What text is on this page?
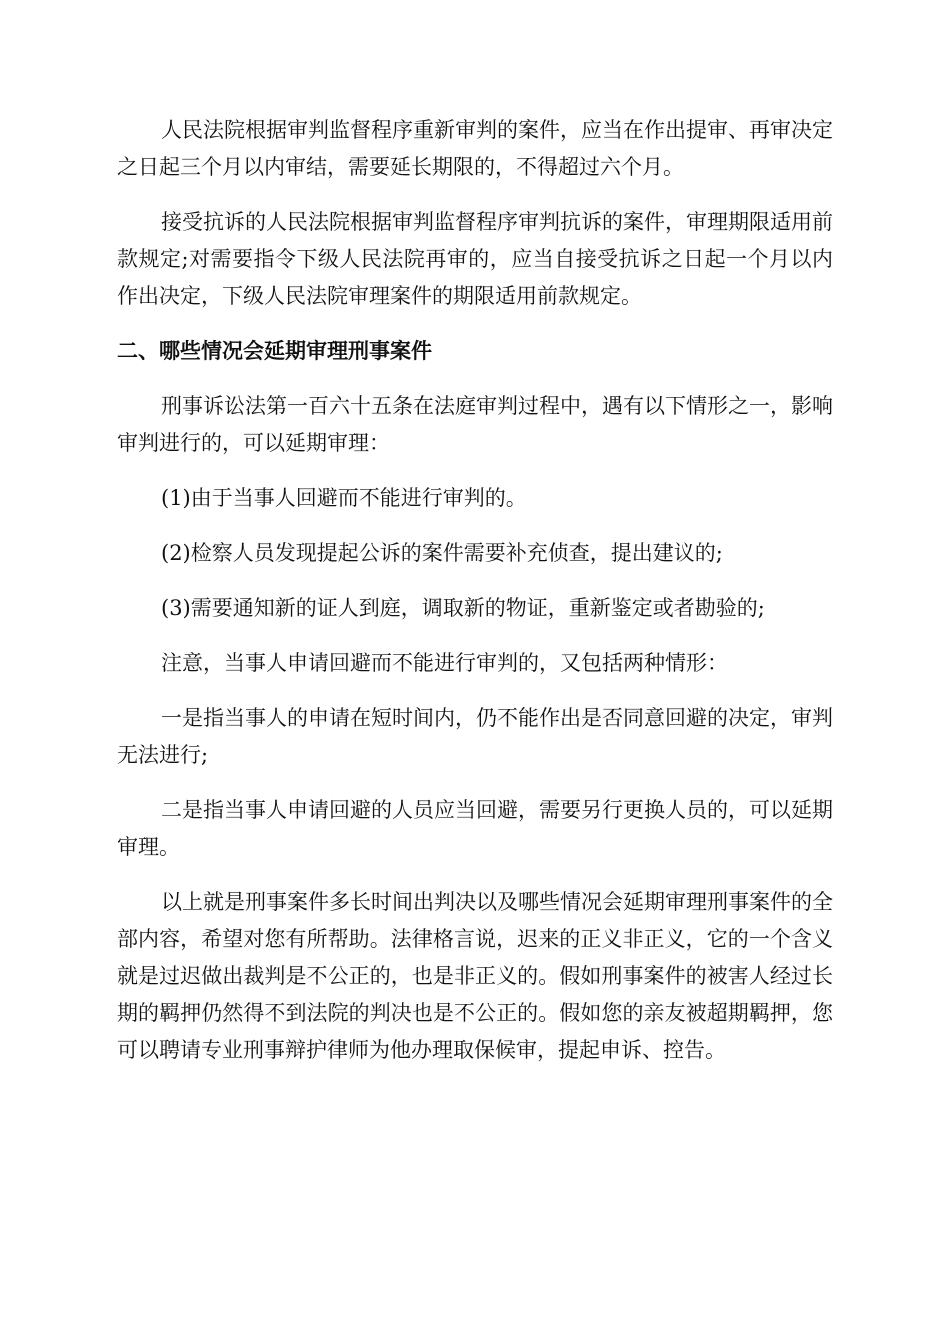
人民法院根据审判监督程序重新审判的案件，应当在作出提审、再审决定之日起三个月以内审结，需要延长期限的，不得超过六个月。

接受抗诉的人民法院根据审判监督程序审判抗诉的案件，审理期限适用前款规定;对需要指令下级人民法院再审的，应当自接受抗诉之日起一个月以内作出决定，下级人民法院审理案件的期限适用前款规定。

二、哪些情况会延期审理刑事案件

刑事诉讼法第一百六十五条在法庭审判过程中，遇有以下情形之一，影响审判进行的，可以延期审理：

(1)由于当事人回避而不能进行审判的。

(2)检察人员发现提起公诉的案件需要补充侦查，提出建议的;

(3)需要通知新的证人到庭，调取新的物证，重新鉴定或者勘验的;

注意，当事人申请回避而不能进行审判的，又包括两种情形：

一是指当事人的申请在短时间内，仍不能作出是否同意回避的决定，审判无法进行;

二是指当事人申请回避的人员应当回避，需要另行更换人员的，可以延期审理。

以上就是刑事案件多长时间出判决以及哪些情况会延期审理刑事案件的全部内容，希望对您有所帮助。法律格言说，迟来的正义非正义，它的一个含义就是过迟做出裁判是不公正的，也是非正义的。假如刑事案件的被害人经过长期的羁押仍然得不到法院的判决也是不公正的。假如您的亲友被超期羁押，您可以聘请专业刑事辩护律师为他办理取保候审，提起申诉、控告。
